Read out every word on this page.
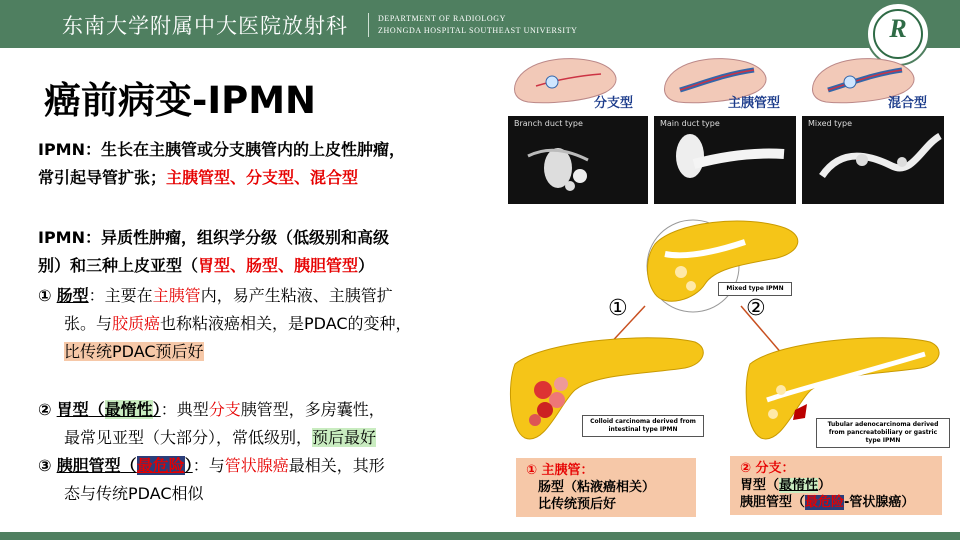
东南大学附属中大医院放射科	DEPARTMENT OF RADIOLOGY
ZHONGDA HOSPITAL SOUTHEAST UNIVERSITY	R
癌前病变-IPMN
IPMN：生长在主胰管或分支胰管内的上皮性肿瘤，
常引起导管扩张；主胰管型、分支型、混合型
IPMN：异质性肿瘤，组织学分级（低级别和高级
别）和三种上皮亚型（胃型、肠型、胰胆管型）
① 肠型：主要在主胰管内，易产生粘液、主胰管扩
张。与胶质癌也称粘液癌相关，是PDAC的变种，
比传统PDAC预后好
② 胃型（最惰性）：典型分支胰管型，多房囊性，
最常见亚型（大部分），常低级别，预后最好
③ 胰胆管型（最危险）：与管状腺癌最相关，其形
态与传统PDAC相似
分支型	主胰管型	混合型
Branch duct type	Main duct type	Mixed type
①	②
Mixed type IPMN
Colloid carcinoma derived from intestinal type IPMN
Tubular adenocarcinoma derived from pancreatobiliary or gastric type IPMN
① 主胰管：
肠型（粘液癌相关）
比传统预后好
② 分支：
胃型（最惰性）
胰胆管型（最危险-管状腺癌）
